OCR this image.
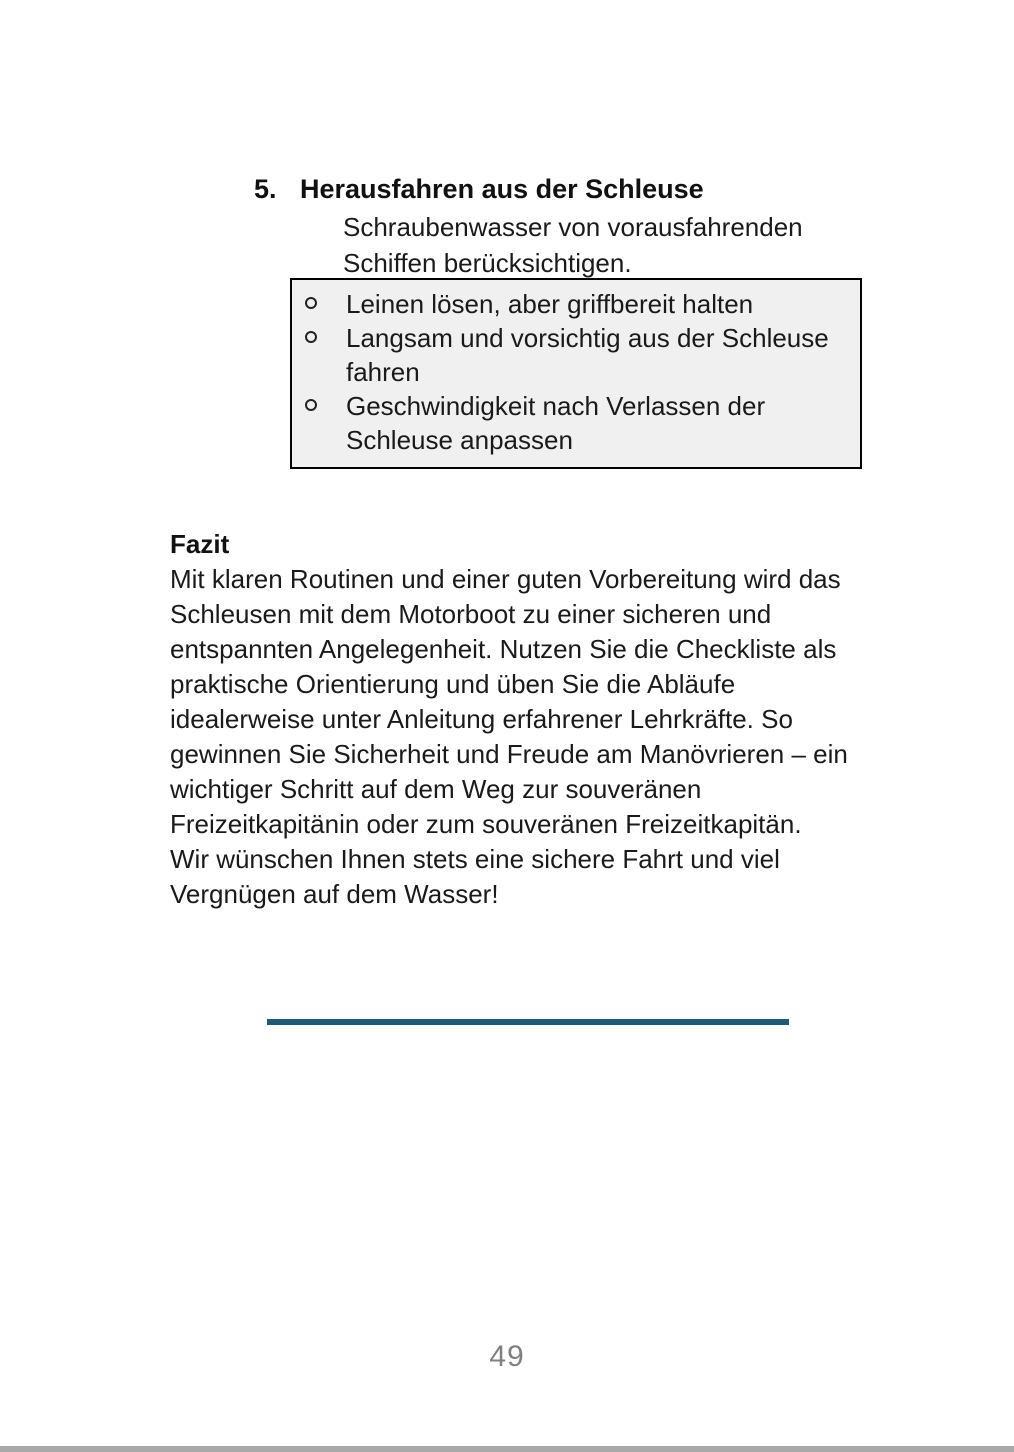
5. Herausfahren aus der Schleuse
Schraubenwasser von vorausfahrenden Schiffen berücksichtigen.
Leinen lösen, aber griffbereit halten
Langsam und vorsichtig aus der Schleuse fahren
Geschwindigkeit nach Verlassen der Schleuse anpassen
Fazit

Mit klaren Routinen und einer guten Vorbereitung wird das Schleusen mit dem Motorboot zu einer sicheren und entspannten Angelegenheit. Nutzen Sie die Checkliste als praktische Orientierung und üben Sie die Abläufe idealerweise unter Anleitung erfahrener Lehrkräfte. So gewinnen Sie Sicherheit und Freude am Manövrieren – ein wichtiger Schritt auf dem Weg zur souveränen Freizeitkapitänin oder zum souveränen Freizeitkapitän.

Wir wünschen Ihnen stets eine sichere Fahrt und viel Vergnügen auf dem Wasser!

49
